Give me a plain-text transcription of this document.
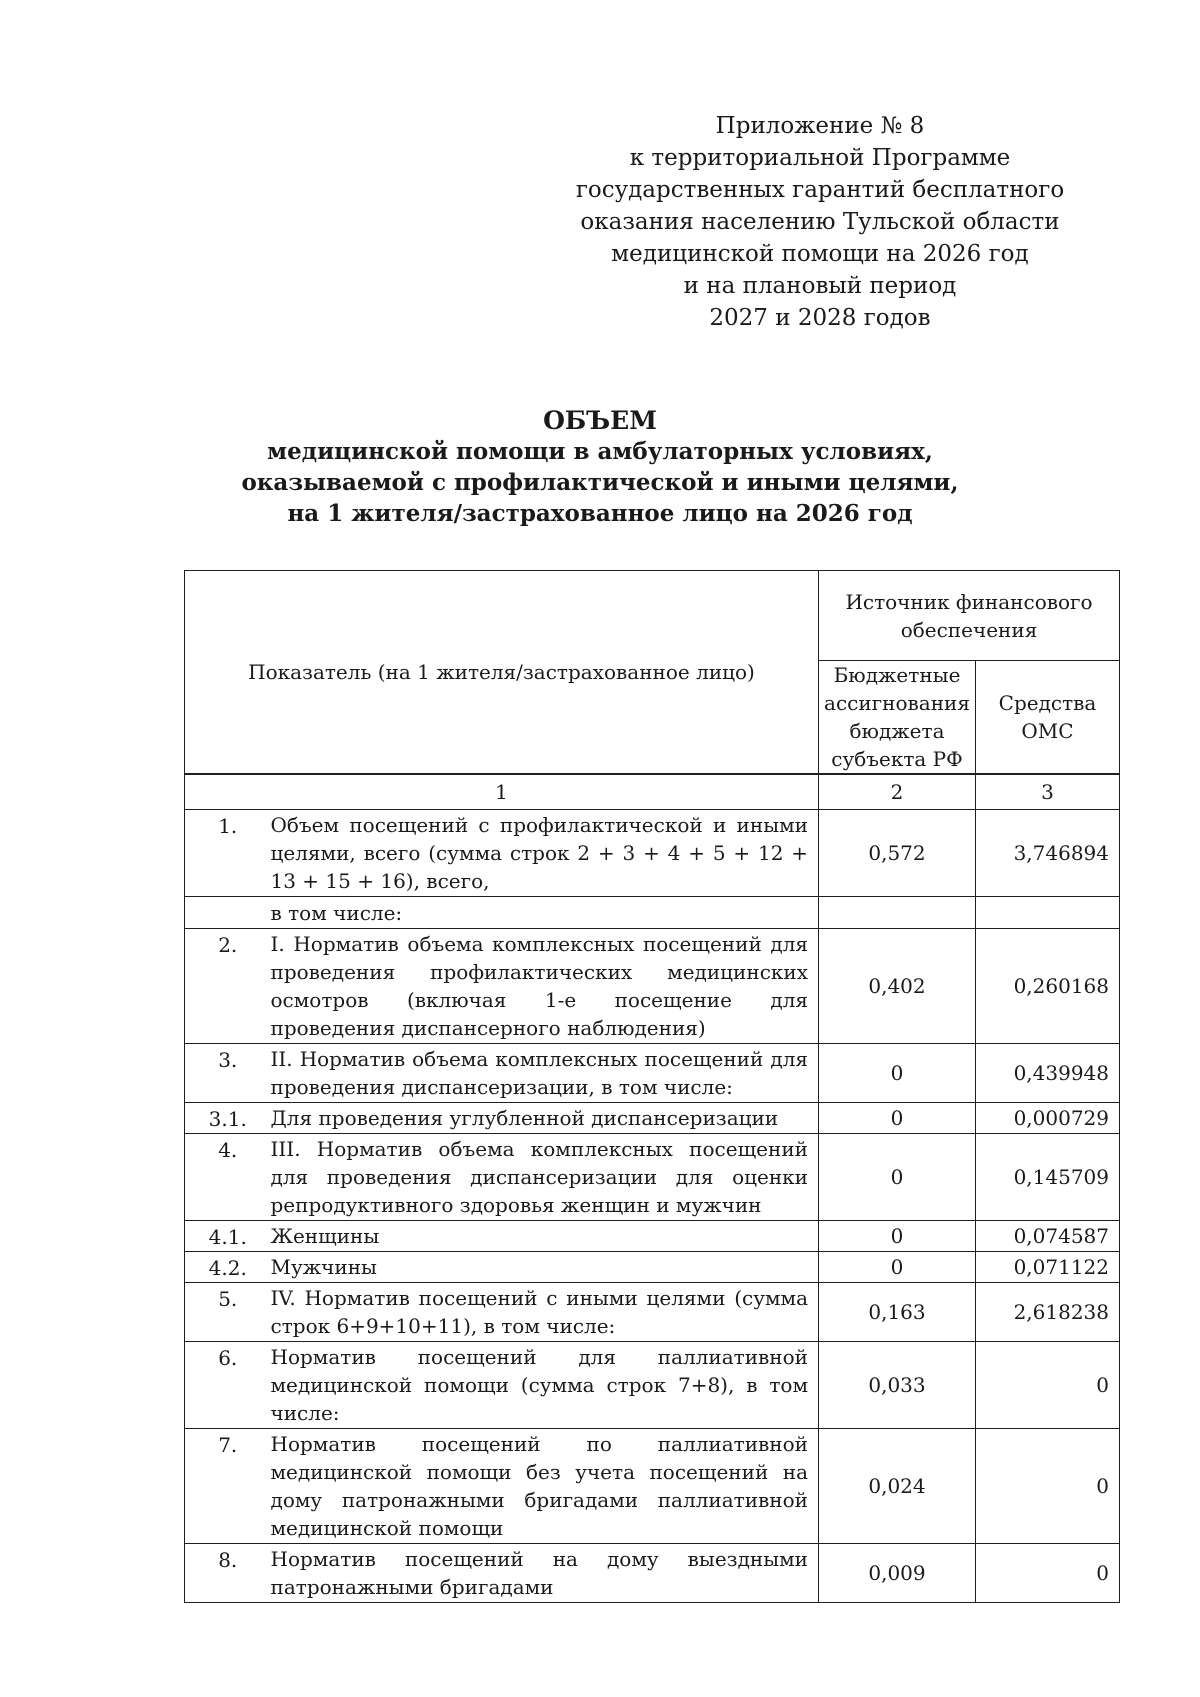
Приложение № 8
к территориальной Программе
государственных гарантий бесплатного
оказания населению Тульской области
медицинской помощи на 2026 год
и на плановый период
2027 и 2028 годов
ОБЪЕМ
медицинской помощи в амбулаторных условиях,
оказываемой с профилактической и иными целями,
на 1 жителя/застрахованное лицо на 2026 год
Показатель (на 1 жителя/застрахованное лицо)	Источник финансового обеспечения	
	Бюджетные ассигнования бюджета субъекта РФ	Средства ОМС
1		2	3
1.	Объем посещений с профилактической и иными целями, всего (сумма строк 2 + 3 + 4 + 5 + 12 + 13 + 15 + 16), всего,	0,572	3,746894
	в том числе:		
2.	I. Норматив объема комплексных посещений для проведения профилактических медицинских осмотров (включая 1-е посещение для проведения диспансерного наблюдения)	0,402	0,260168
3.	II. Норматив объема комплексных посещений для проведения диспансеризации, в том числе:	0	0,439948
3.1.	Для проведения углубленной диспансеризации	0	0,000729
4.	III. Норматив объема комплексных посещений для проведения диспансеризации для оценки репродуктивного здоровья женщин и мужчин	0	0,145709
4.1.	Женщины	0	0,074587
4.2.	Мужчины	0	0,071122
5.	IV. Норматив посещений с иными целями (сумма строк 6+9+10+11), в том числе:	0,163	2,618238
6.	Норматив посещений для паллиативной медицинской помощи (сумма строк 7+8), в том числе:	0,033	0
7.	Норматив посещений по паллиативной медицинской помощи без учета посещений на дому патронажными бригадами паллиативной медицинской помощи	0,024	0
8.	Норматив посещений на дому выездными патронажными бригадами	0,009	0
